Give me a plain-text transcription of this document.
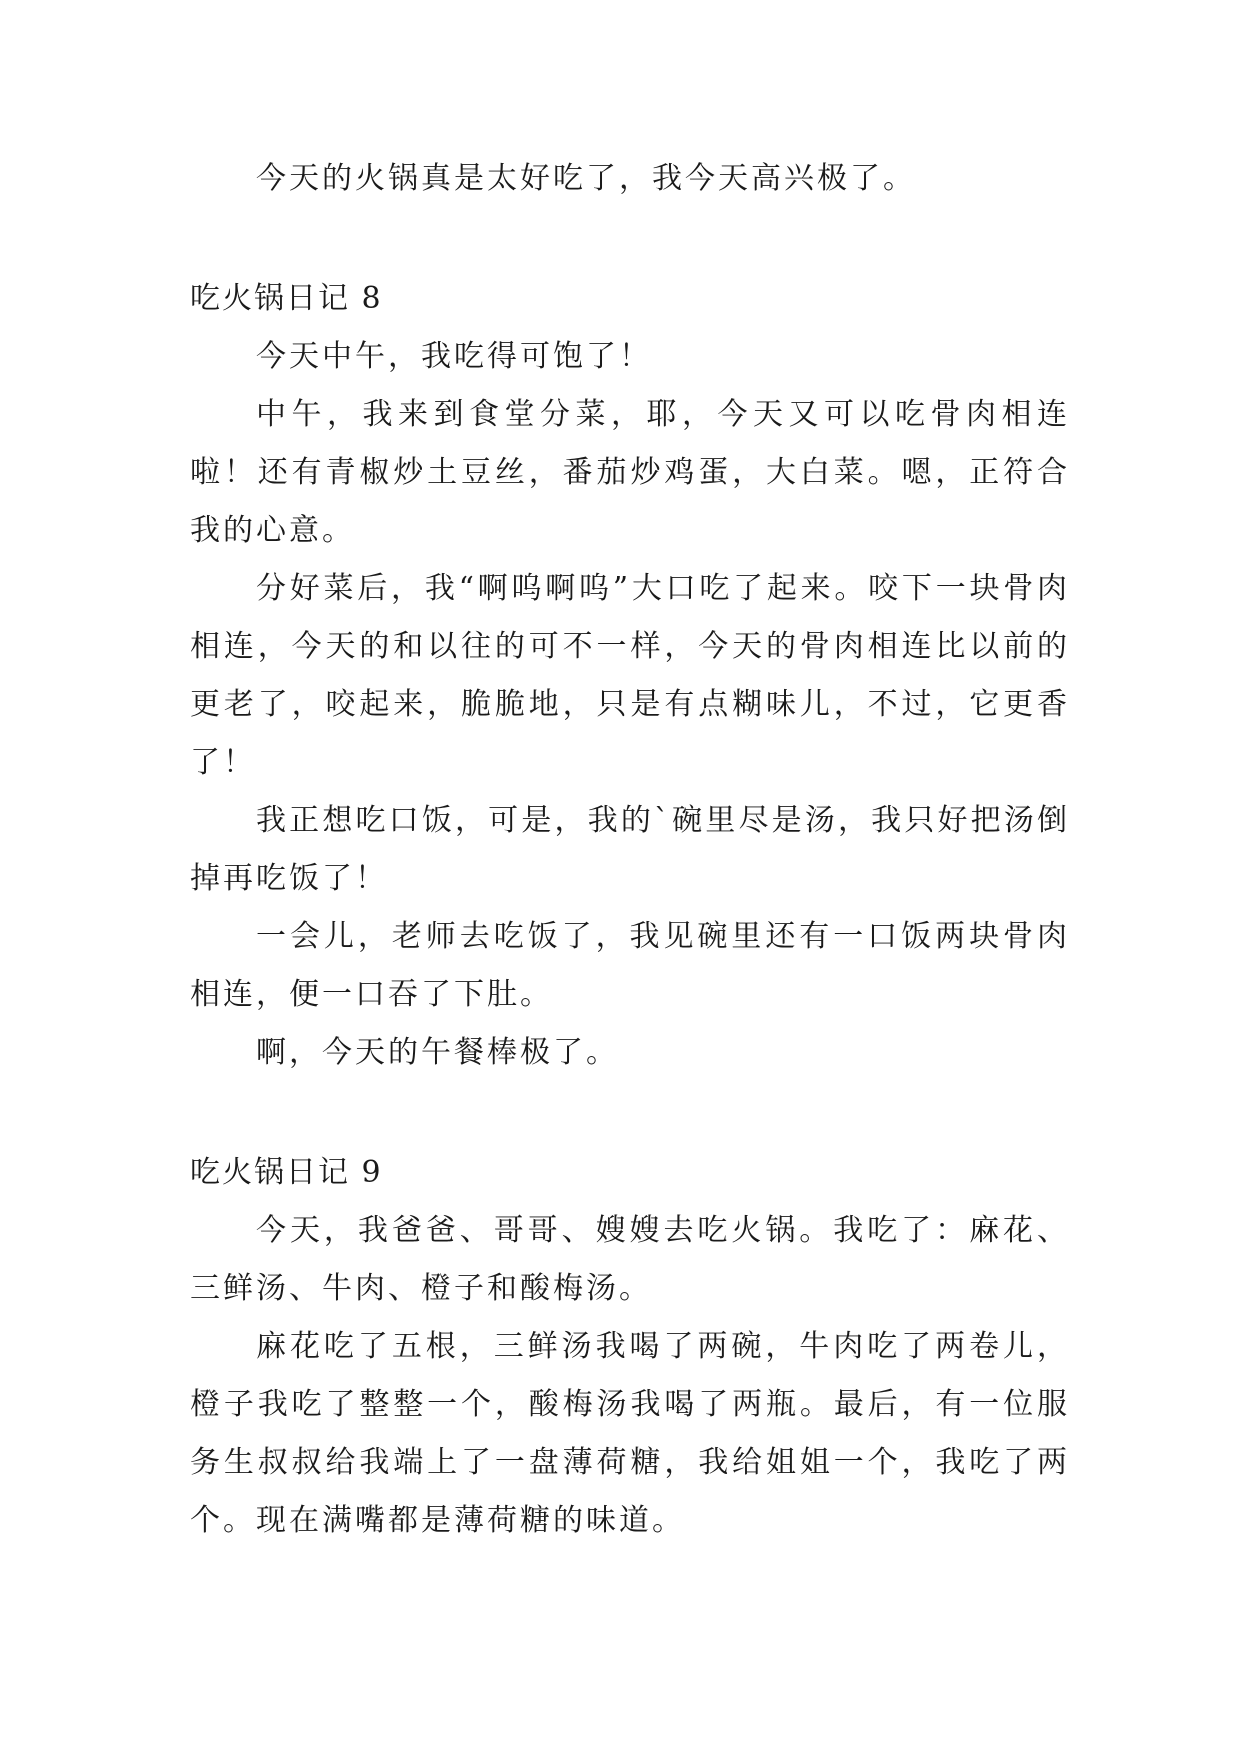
今天的火锅真是太好吃了，我今天高兴极了。

吃火锅日记 8

今天中午，我吃得可饱了！

中午，我来到食堂分菜，耶，今天又可以吃骨肉相连啦！还有青椒炒土豆丝，番茄炒鸡蛋，大白菜。嗯，正符合我的心意。

分好菜后，我“啊呜啊呜”大口吃了起来。咬下一块骨肉相连，今天的和以往的可不一样，今天的骨肉相连比以前的更老了，咬起来，脆脆地，只是有点糊味儿，不过，它更香了！

我正想吃口饭，可是，我的`碗里尽是汤，我只好把汤倒掉再吃饭了！

一会儿，老师去吃饭了，我见碗里还有一口饭两块骨肉相连，便一口吞了下肚。

啊，今天的午餐棒极了。

吃火锅日记 9

今天，我爸爸、哥哥、嫂嫂去吃火锅。我吃了：麻花、三鲜汤、牛肉、橙子和酸梅汤。

麻花吃了五根，三鲜汤我喝了两碗，牛肉吃了两卷儿，橙子我吃了整整一个，酸梅汤我喝了两瓶。最后，有一位服务生叔叔给我端上了一盘薄荷糖，我给姐姐一个，我吃了两个。现在满嘴都是薄荷糖的味道。
